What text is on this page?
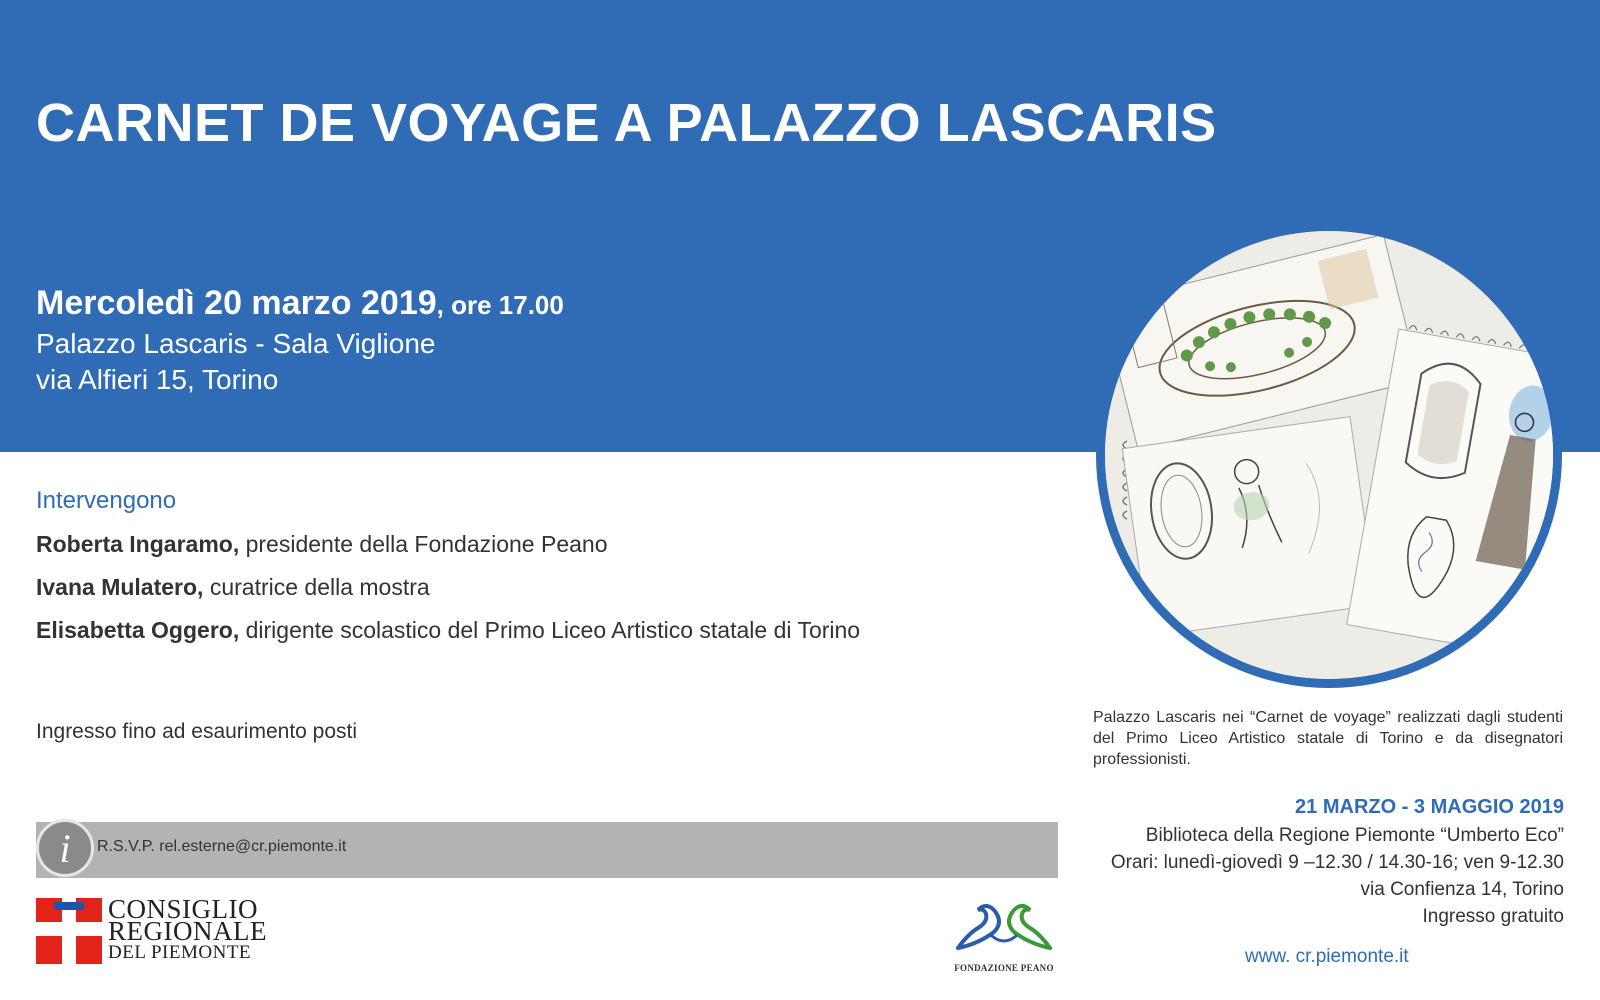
CARNET DE VOYAGE A PALAZZO LASCARIS
Mercoledì 20 marzo 2019, ore 17.00
Palazzo Lascaris - Sala Viglione
via Alfieri 15, Torino
Intervengono
Roberta Ingaramo, presidente della Fondazione Peano
Ivana Mulatero, curatrice della mostra
Elisabetta Oggero, dirigente scolastico del Primo Liceo Artistico statale di Torino
Ingresso fino ad esaurimento posti
i	R.S.V.P. rel.esterne@cr.piemonte.it
CONSIGLIO
REGIONALE
DEL PIEMONTE
FONDAZIONE PEANO
Palazzo Lascaris nei “Carnet de voyage” realizzati dagli studenti del Primo Liceo Artistico statale di Torino e da disegnatori professionisti.
21 MARZO - 3 MAGGIO 2019
Biblioteca della Regione Piemonte “Umberto Eco”
Orari: lunedì-giovedì 9 –12.30 / 14.30-16; ven 9-12.30
via Confienza 14, Torino
Ingresso gratuito
www. cr.piemonte.it
